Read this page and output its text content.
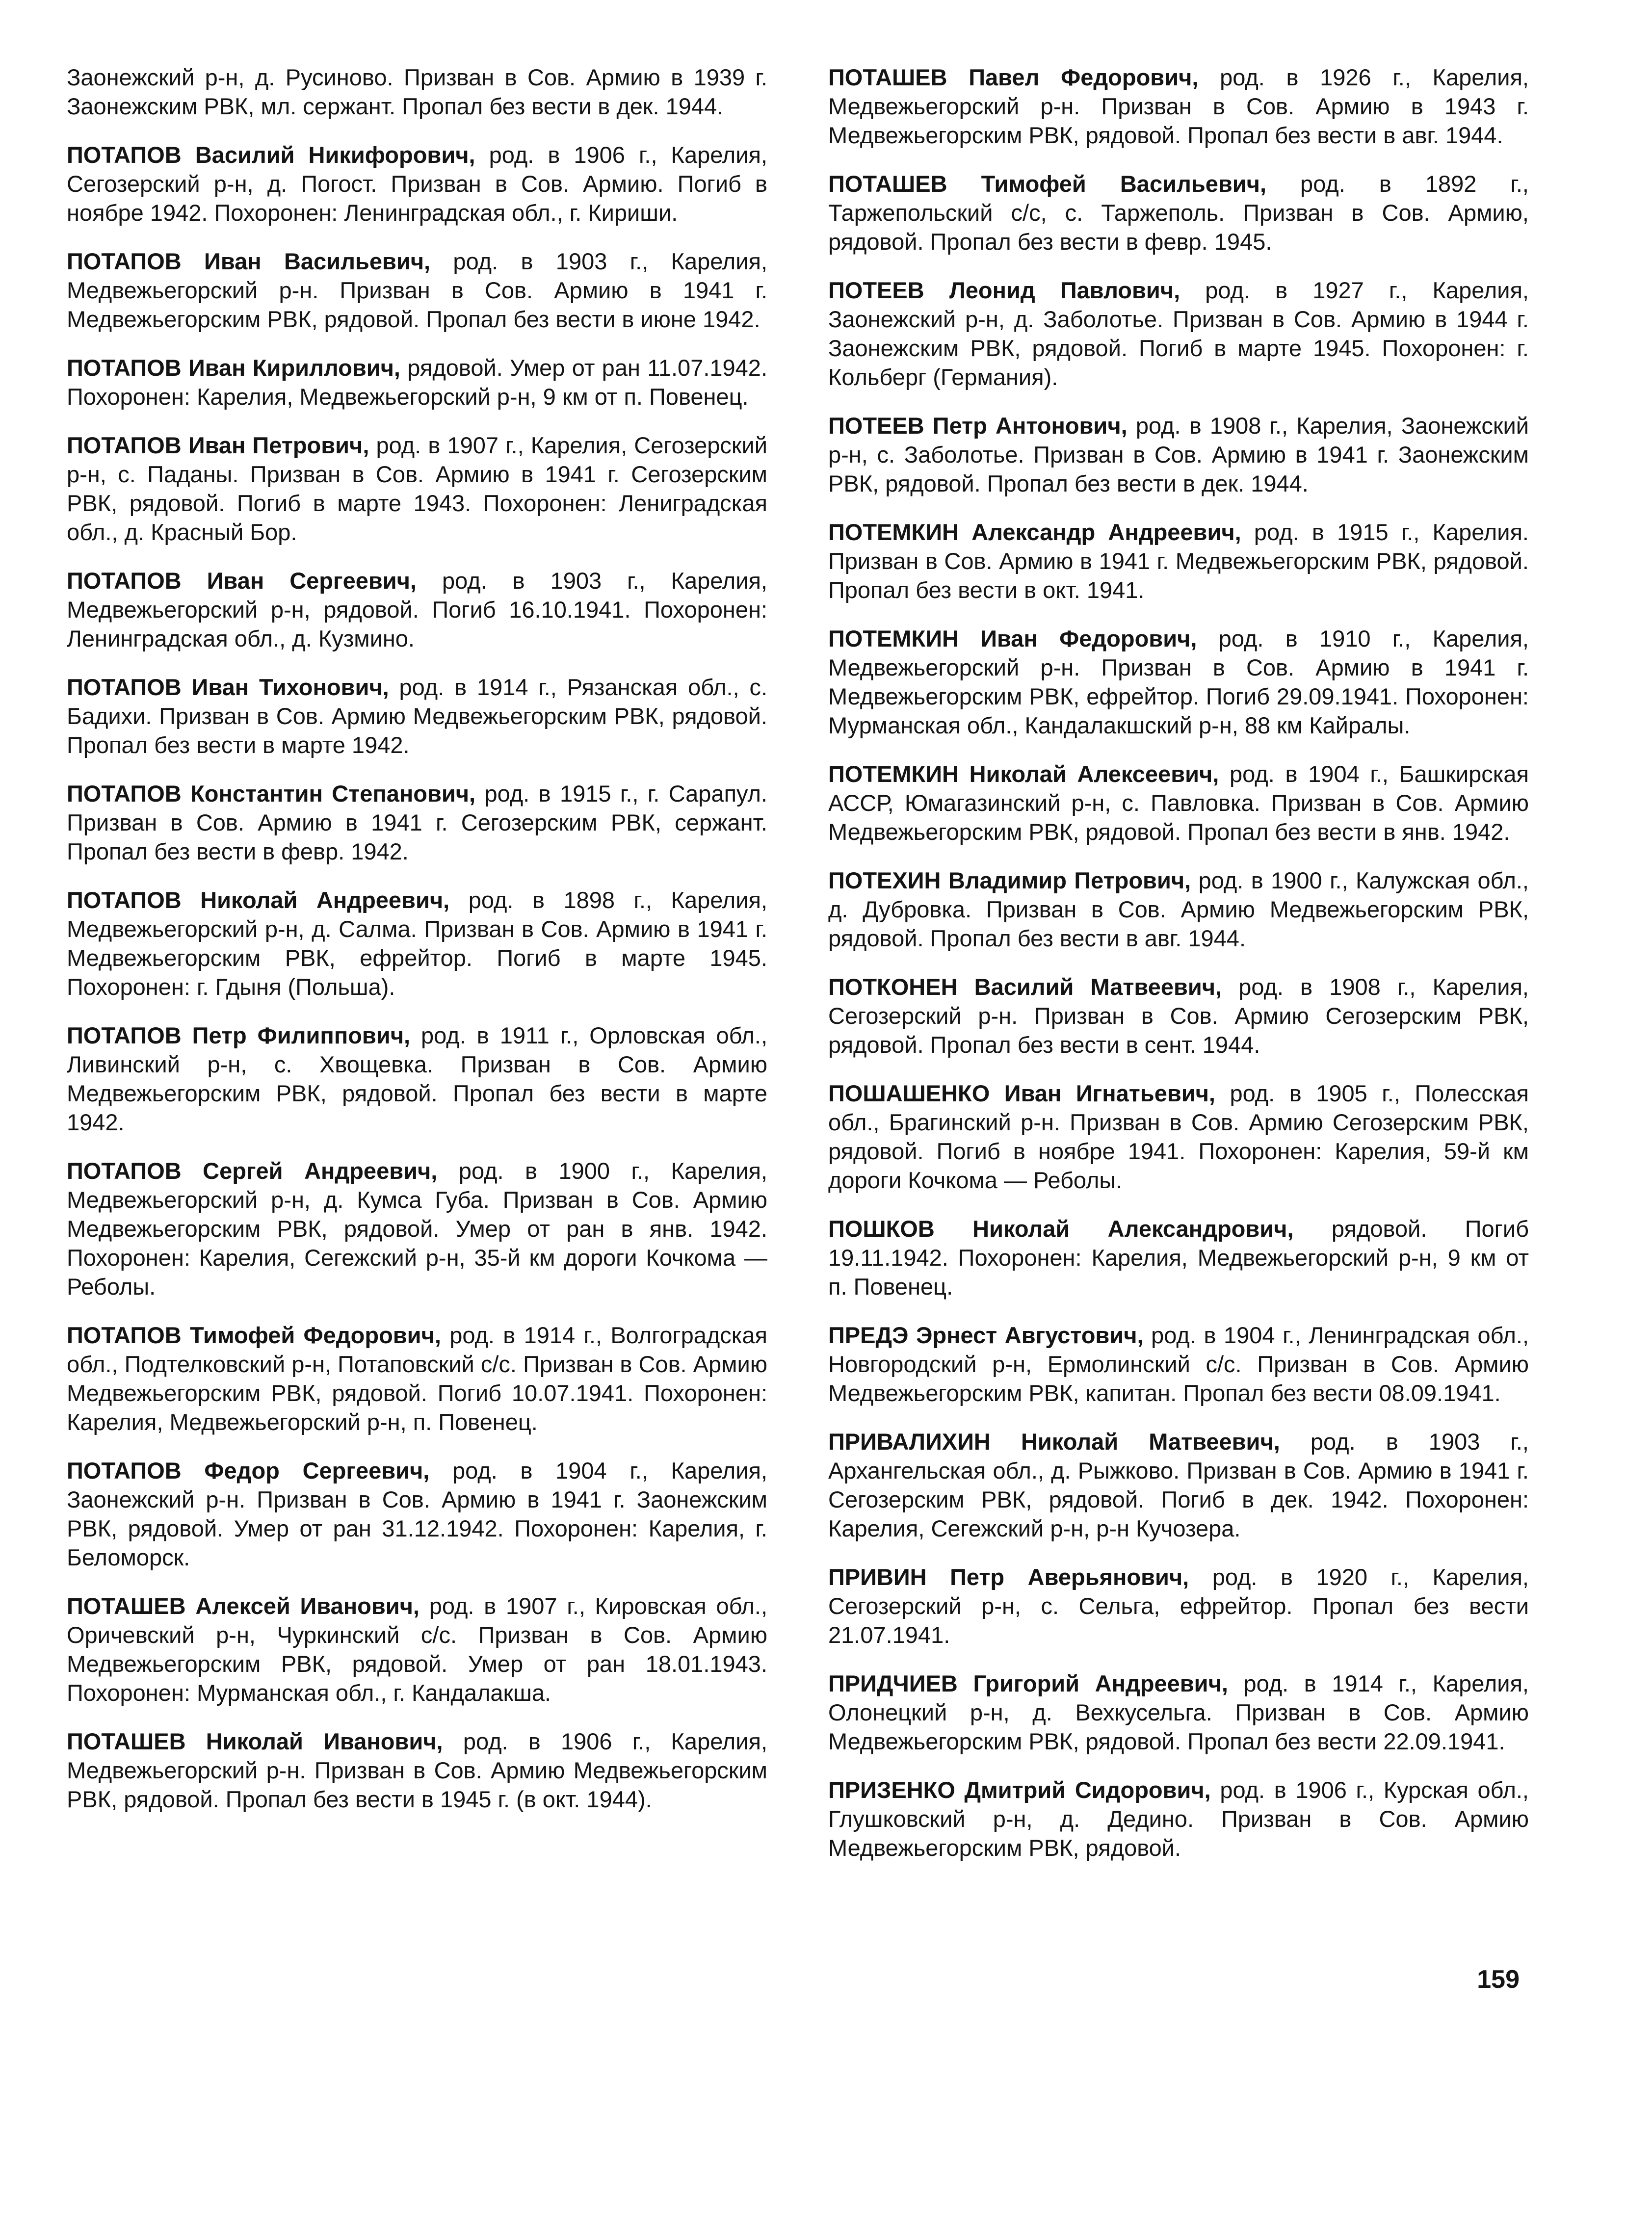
Заонежский р-н, д. Русиново. Призван в Сов. Армию в 1939 г. Заонежским РВК, мл. сержант. Пропал без вести в дек. 1944.

ПОТАПОВ Василий Никифорович, род. в 1906 г., Карелия, Сегозерский р-н, д. Погост. Призван в Сов. Армию. Погиб в ноябре 1942. Похоронен: Ленинградская обл., г. Кириши.

ПОТАПОВ Иван Васильевич, род. в 1903 г., Карелия, Медвежьегорский р-н. Призван в Сов. Армию в 1941 г. Медвежьегорским РВК, рядовой. Пропал без вести в июне 1942.

ПОТАПОВ Иван Кириллович, рядовой. Умер от ран 11.07.1942. Похоронен: Карелия, Медвежьегорский р-н, 9 км от п. Повенец.

ПОТАПОВ Иван Петрович, род. в 1907 г., Карелия, Сегозерский р-н, с. Паданы. Призван в Сов. Армию в 1941 г. Сегозерским РВК, рядовой. Погиб в марте 1943. Похоронен: Лениградская обл., д. Красный Бор.

ПОТАПОВ Иван Сергеевич, род. в 1903 г., Карелия, Медвежьегорский р-н, рядовой. Погиб 16.10.1941. Похоронен: Ленинградская обл., д. Кузмино.

ПОТАПОВ Иван Тихонович, род. в 1914 г., Рязанская обл., с. Бадихи. Призван в Сов. Армию Медвежьегорским РВК, рядовой. Пропал без вести в марте 1942.

ПОТАПОВ Константин Степанович, род. в 1915 г., г. Сарапул. Призван в Сов. Армию в 1941 г. Сегозерским РВК, сержант. Пропал без вести в февр. 1942.

ПОТАПОВ Николай Андреевич, род. в 1898 г., Карелия, Медвежьегорский р-н, д. Салма. Призван в Сов. Армию в 1941 г. Медвежьегорским РВК, ефрейтор. Погиб в марте 1945. Похоронен: г. Гдыня (Польша).

ПОТАПОВ Петр Филиппович, род. в 1911 г., Орловская обл., Ливинский р-н, с. Хвощевка. Призван в Сов. Армию Медвежьегорским РВК, рядовой. Пропал без вести в марте 1942.

ПОТАПОВ Сергей Андреевич, род. в 1900 г., Карелия, Медвежьегорский р-н, д. Кумса Губа. Призван в Сов. Армию Медвежьегорским РВК, рядовой. Умер от ран в янв. 1942. Похоронен: Карелия, Сегежский р-н, 35-й км дороги Кочкома — Реболы.

ПОТАПОВ Тимофей Федорович, род. в 1914 г., Волгоградская обл., Подтелковский р-н, Потаповский с/с. Призван в Сов. Армию Медвежьегорским РВК, рядовой. Погиб 10.07.1941. Похоронен: Карелия, Медвежьегорский р-н, п. Повенец.

ПОТАПОВ Федор Сергеевич, род. в 1904 г., Карелия, Заонежский р-н. Призван в Сов. Армию в 1941 г. Заонежским РВК, рядовой. Умер от ран 31.12.1942. Похоронен: Карелия, г. Беломорск.

ПОТАШЕВ Алексей Иванович, род. в 1907 г., Кировская обл., Оричевский р-н, Чуркинский с/с. Призван в Сов. Армию Медвежьегорским РВК, рядовой. Умер от ран 18.01.1943. Похоронен: Мурманская обл., г. Кандалакша.

ПОТАШЕВ Николай Иванович, род. в 1906 г., Карелия, Медвежьегорский р-н. Призван в Сов. Армию Медвежьегорским РВК, рядовой. Пропал без вести в 1945 г. (в окт. 1944).

ПОТАШЕВ Павел Федорович, род. в 1926 г., Карелия, Медвежьегорский р-н. Призван в Сов. Армию в 1943 г. Медвежьегорским РВК, рядовой. Пропал без вести в авг. 1944.

ПОТАШЕВ Тимофей Васильевич, род. в 1892 г., Таржепольский с/с, с. Таржеполь. Призван в Сов. Армию, рядовой. Пропал без вести в февр. 1945.

ПОТЕЕВ Леонид Павлович, род. в 1927 г., Карелия, Заонежский р-н, д. Заболотье. Призван в Сов. Армию в 1944 г. Заонежским РВК, рядовой. Погиб в марте 1945. Похоронен: г. Кольберг (Германия).

ПОТЕЕВ Петр Антонович, род. в 1908 г., Карелия, Заонежский р-н, с. Заболотье. Призван в Сов. Армию в 1941 г. Заонежским РВК, рядовой. Пропал без вести в дек. 1944.

ПОТЕМКИН Александр Андреевич, род. в 1915 г., Карелия. Призван в Сов. Армию в 1941 г. Медвежьегорским РВК, рядовой. Пропал без вести в окт. 1941.

ПОТЕМКИН Иван Федорович, род. в 1910 г., Карелия, Медвежьегорский р-н. Призван в Сов. Армию в 1941 г. Медвежьегорским РВК, ефрейтор. Погиб 29.09.1941. Похоронен: Мурманская обл., Кандалакшский р-н, 88 км Кайралы.

ПОТЕМКИН Николай Алексеевич, род. в 1904 г., Башкирская АССР, Юмагазинский р-н, с. Павловка. Призван в Сов. Армию Медвежьегорским РВК, рядовой. Пропал без вести в янв. 1942.

ПОТЕХИН Владимир Петрович, род. в 1900 г., Калужская обл., д. Дубровка. Призван в Сов. Армию Медвежьегорским РВК, рядовой. Пропал без вести в авг. 1944.

ПОТКОНЕН Василий Матвеевич, род. в 1908 г., Карелия, Сегозерский р-н. Призван в Сов. Армию Сегозерским РВК, рядовой. Пропал без вести в сент. 1944.

ПОШАШЕНКО Иван Игнатьевич, род. в 1905 г., Полесская обл., Брагинский р-н. Призван в Сов. Армию Сегозерским РВК, рядовой. Погиб в ноябре 1941. Похоронен: Карелия, 59-й км дороги Кочкома — Реболы.

ПОШКОВ Николай Александрович, рядовой. Погиб 19.11.1942. Похоронен: Карелия, Медвежьегорский р-н, 9 км от п. Повенец.

ПРЕДЭ Эрнест Августович, род. в 1904 г., Ленинградская обл., Новгородский р-н, Ермолинский с/с. Призван в Сов. Армию Медвежьегорским РВК, капитан. Пропал без вести 08.09.1941.

ПРИВАЛИХИН Николай Матвеевич, род. в 1903 г., Архангельская обл., д. Рыжково. Призван в Сов. Армию в 1941 г. Сегозерским РВК, рядовой. Погиб в дек. 1942. Похоронен: Карелия, Сегежский р-н, р-н Кучозера.

ПРИВИН Петр Аверьянович, род. в 1920 г., Карелия, Сегозерский р-н, с. Сельга, ефрейтор. Пропал без вести 21.07.1941.

ПРИДЧИЕВ Григорий Андреевич, род. в 1914 г., Карелия, Олонецкий р-н, д. Вехкусельга. Призван в Сов. Армию Медвежьегорским РВК, рядовой. Пропал без вести 22.09.1941.

ПРИЗЕНКО Дмитрий Сидорович, род. в 1906 г., Курская обл., Глушковский р-н, д. Дедино. Призван в Сов. Армию Медвежьегорским РВК, рядовой.

159
